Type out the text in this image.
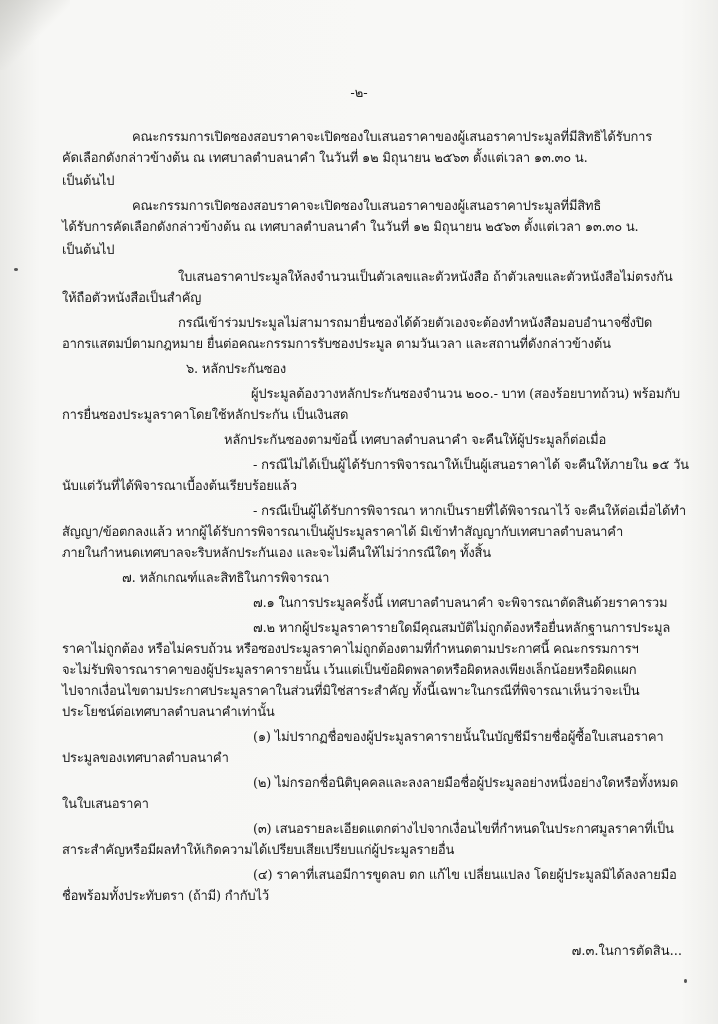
-๒-
คณะกรรมการเปิดซองสอบราคาจะเปิดซองใบเสนอราคาของผู้เสนอราคาประมูลที่มีสิทธิได้รับการ
คัดเลือกดังกล่าวข้างต้น ณ เทศบาลตำบลนาคำ ในวันที่ ๑๒ มิถุนายน ๒๕๖๓ ตั้งแต่เวลา ๑๓.๓๐ น.
เป็นต้นไป
คณะกรรมการเปิดซองสอบราคาจะเปิดซองใบเสนอราคาของผู้เสนอราคาประมูลที่มีสิทธิ
ได้รับการคัดเลือกดังกล่าวข้างต้น ณ เทศบาลตำบลนาคำ ในวันที่ ๑๒ มิถุนายน ๒๕๖๓ ตั้งแต่เวลา ๑๓.๓๐ น.
เป็นต้นไป
ใบเสนอราคาประมูลให้ลงจำนวนเป็นตัวเลขและตัวหนังสือ ถ้าตัวเลขและตัวหนังสือไม่ตรงกัน
ให้ถือตัวหนังสือเป็นสำคัญ
กรณีเข้าร่วมประมูลไม่สามารถมายื่นซองได้ด้วยตัวเองจะต้องทำหนังสือมอบอำนาจซึ่งปิด
อากรแสตมป์ตามกฎหมาย ยื่นต่อคณะกรรมการรับซองประมูล ตามวันเวลา และสถานที่ดังกล่าวข้างต้น
๖. หลักประกันซอง
ผู้ประมูลต้องวางหลักประกันซองจำนวน ๒๐๐.- บาท (สองร้อยบาทถ้วน) พร้อมกับ
การยื่นซองประมูลราคาโดยใช้หลักประกัน เป็นเงินสด
หลักประกันซองตามข้อนี้ เทศบาลตำบลนาคำ จะคืนให้ผู้ประมูลก็ต่อเมื่อ
- กรณีไม่ได้เป็นผู้ได้รับการพิจารณาให้เป็นผู้เสนอราคาได้ จะคืนให้ภายใน ๑๕ วัน
นับแต่วันที่ได้พิจารณาเบื้องต้นเรียบร้อยแล้ว
- กรณีเป็นผู้ได้รับการพิจารณา หากเป็นรายที่ได้พิจารณาไว้ จะคืนให้ต่อเมื่อได้ทำ
สัญญา/ข้อตกลงแล้ว หากผู้ได้รับการพิจารณาเป็นผู้ประมูลราคาได้ มิเข้าทำสัญญากับเทศบาลตำบลนาคำ
ภายในกำหนดเทศบาลจะริบหลักประกันเอง และจะไม่คืนให้ไม่ว่ากรณีใดๆ ทั้งสิ้น
๗. หลักเกณฑ์และสิทธิในการพิจารณา
๗.๑ ในการประมูลครั้งนี้ เทศบาลตำบลนาคำ จะพิจารณาตัดสินด้วยราคารวม
๗.๒ หากผู้ประมูลราคารายใดมีคุณสมบัติไม่ถูกต้องหรือยื่นหลักฐานการประมูล
ราคาไม่ถูกต้อง หรือไม่ครบถ้วน หรือซองประมูลราคาไม่ถูกต้องตามที่กำหนดตามประกาศนี้ คณะกรรมการฯ
จะไม่รับพิจารณาราคาของผู้ประมูลราคารายนั้น เว้นแต่เป็นข้อผิดพลาดหรือผิดหลงเพียงเล็กน้อยหรือผิดแผก
ไปจากเงื่อนไขตามประกาศประมูลราคาในส่วนที่มิใช่สาระสำคัญ ทั้งนี้เฉพาะในกรณีที่พิจารณาเห็นว่าจะเป็น
ประโยชน์ต่อเทศบาลตำบลนาคำเท่านั้น
(๑) ไม่ปรากฏชื่อของผู้ประมูลราคารายนั้นในบัญชีมีรายชื่อผู้ซื้อใบเสนอราคา
ประมูลของเทศบาลตำบลนาคำ
(๒) ไม่กรอกชื่อนิติบุคคลและลงลายมือชื่อผู้ประมูลอย่างหนึ่งอย่างใดหรือทั้งหมด
ในใบเสนอราคา
(๓) เสนอรายละเอียดแตกต่างไปจากเงื่อนไขที่กำหนดในประกาศมูลราคาที่เป็น
สาระสำคัญหรือมีผลทำให้เกิดความได้เปรียบเสียเปรียบแก่ผู้ประมูลรายอื่น
(๔) ราคาที่เสนอมีการขูดลบ ตก แก้ไข เปลี่ยนแปลง โดยผู้ประมูลมิได้ลงลายมือ
ชื่อพร้อมทั้งประทับตรา (ถ้ามี) กำกับไว้
๗.๓.ในการตัดสิน...
